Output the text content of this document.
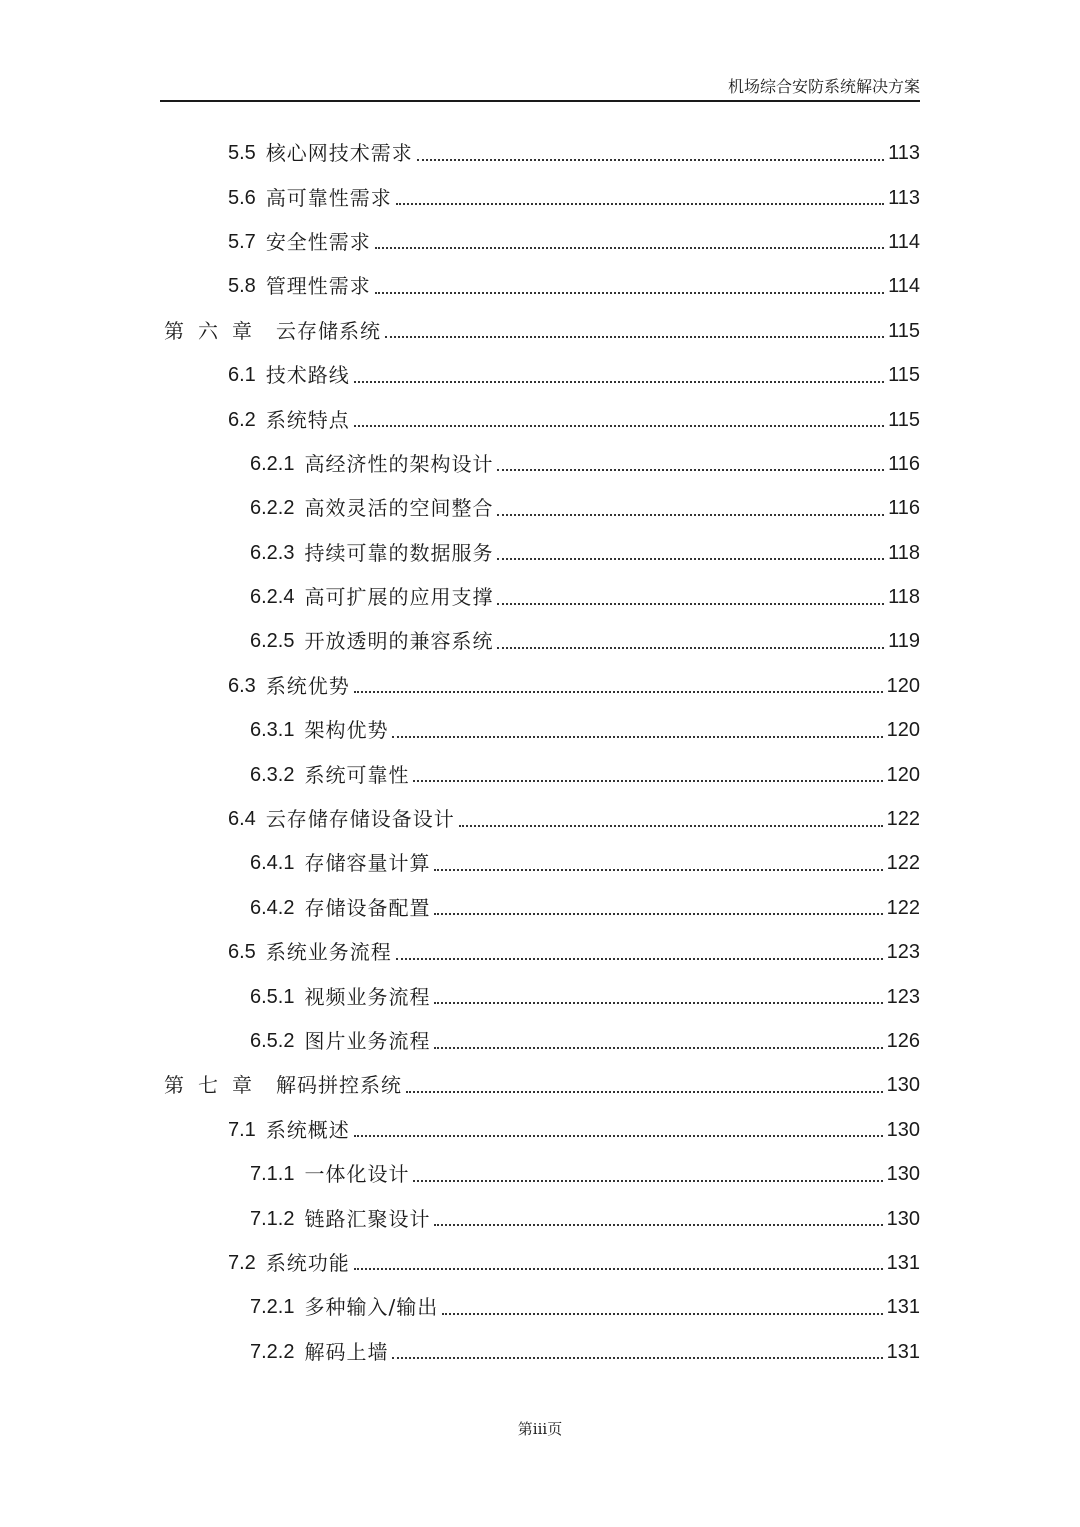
机场综合安防系统解决方案
5.5 核心网技术需求	113
5.6 高可靠性需求	113
5.7 安全性需求	114
5.8 管理性需求	114
第六章 云存储系统	115
6.1 技术路线	115
6.2 系统特点	115
6.2.1 高经济性的架构设计	116
6.2.2 高效灵活的空间整合	116
6.2.3 持续可靠的数据服务	118
6.2.4 高可扩展的应用支撑	118
6.2.5 开放透明的兼容系统	119
6.3 系统优势	120
6.3.1 架构优势	120
6.3.2 系统可靠性	120
6.4 云存储存储设备设计	122
6.4.1 存储容量计算	122
6.4.2 存储设备配置	122
6.5 系统业务流程	123
6.5.1 视频业务流程	123
6.5.2 图片业务流程	126
第七章 解码拼控系统	130
7.1 系统概述	130
7.1.1 一体化设计	130
7.1.2 链路汇聚设计	130
7.2 系统功能	131
7.2.1 多种输入/输出	131
7.2.2 解码上墙	131
第iii页
